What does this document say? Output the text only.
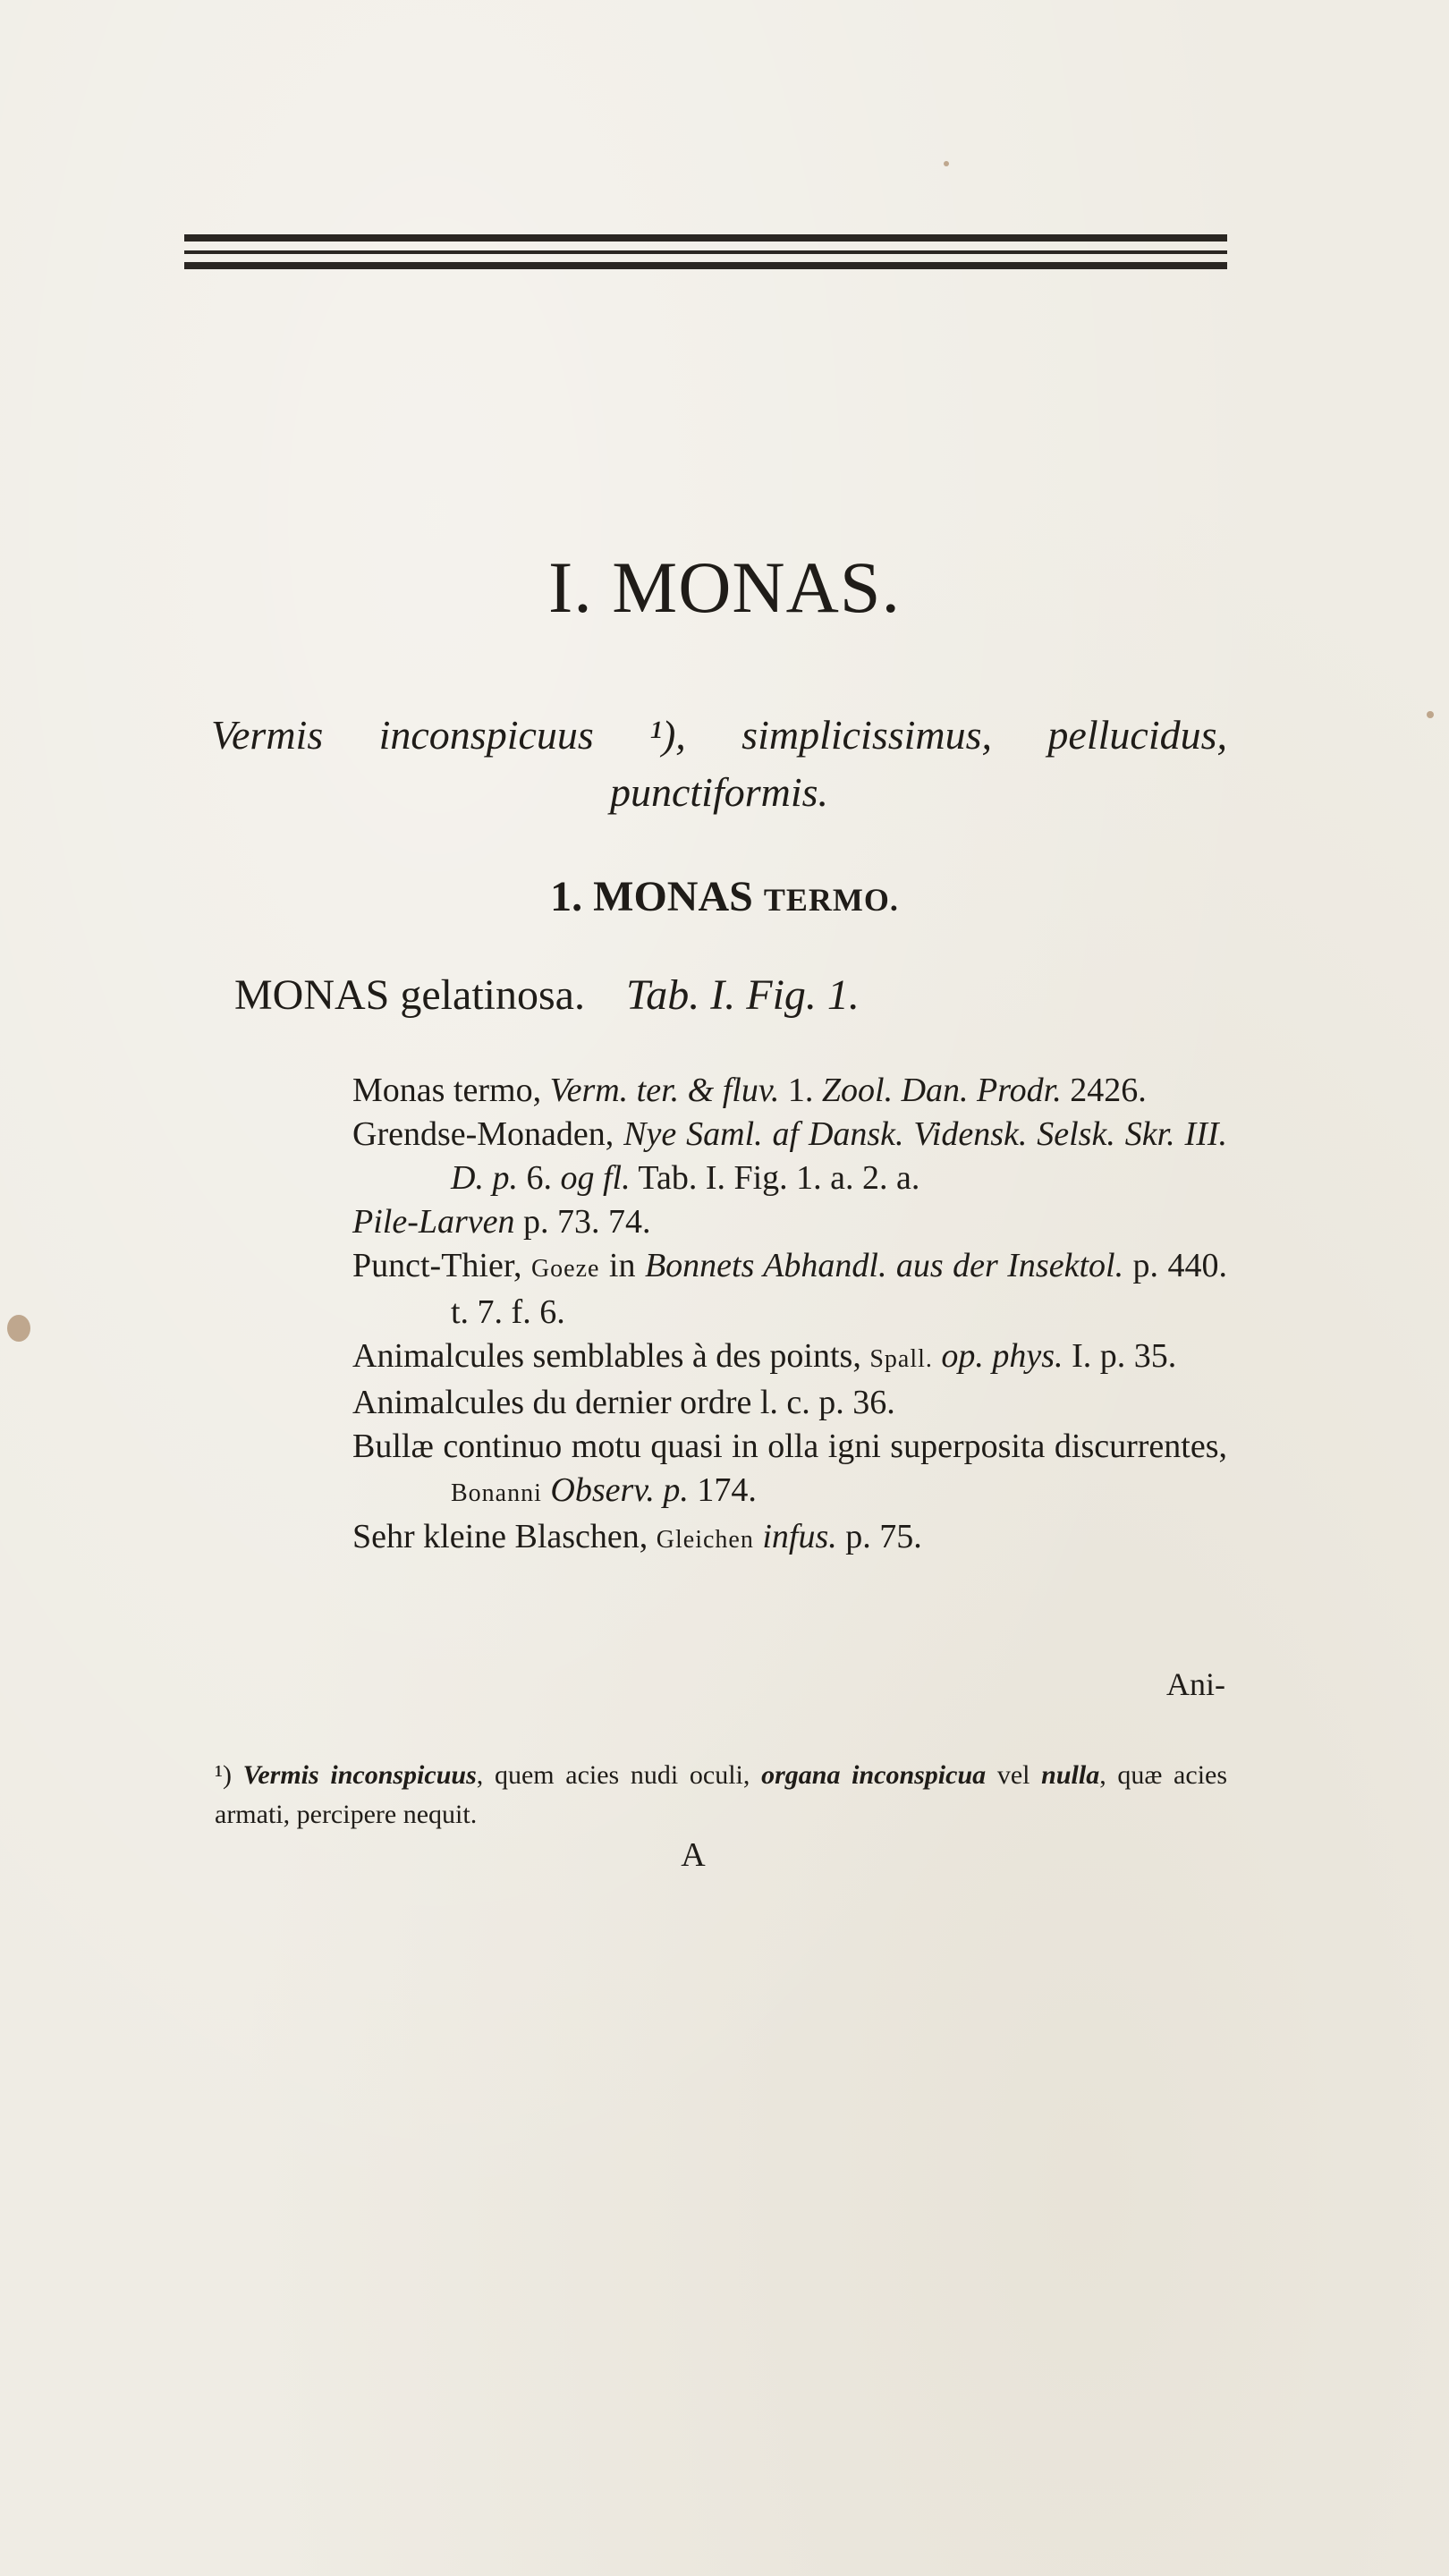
I. MONAS.

Vermis inconspicuus ¹), simplicissimus, pellucidus, punctiformis.

1. MONAS TERMO.

MONAS gelatinosa. Tab. I. Fig. 1.

Monas termo, Verm. ter. & fluv. 1. Zool. Dan. Prodr. 2426.
Grendse-Monaden, Nye Saml. af Dansk. Vidensk. Selsk. Skr. III. D. p. 6. og fl. Tab. I. Fig. 1. a. 2. a.
Pile-Larven p. 73. 74.
Punct-Thier, Goeze in Bonnets Abhandl. aus der Insektol. p. 440. t. 7. f. 6.
Animalcules semblables à des points, Spall. op. phys. I. p. 35.
Animalcules du dernier ordre l. c. p. 36.
Bullæ continuo motu quasi in olla igni superposita discurrentes, Bonanni Observ. p. 174.
Sehr kleine Blaschen, Gleichen infus. p. 75.
Ani-

¹) Vermis inconspicuus, quem acies nudi oculi, organa inconspicua vel nulla, quæ acies armati, percipere nequit.

A
